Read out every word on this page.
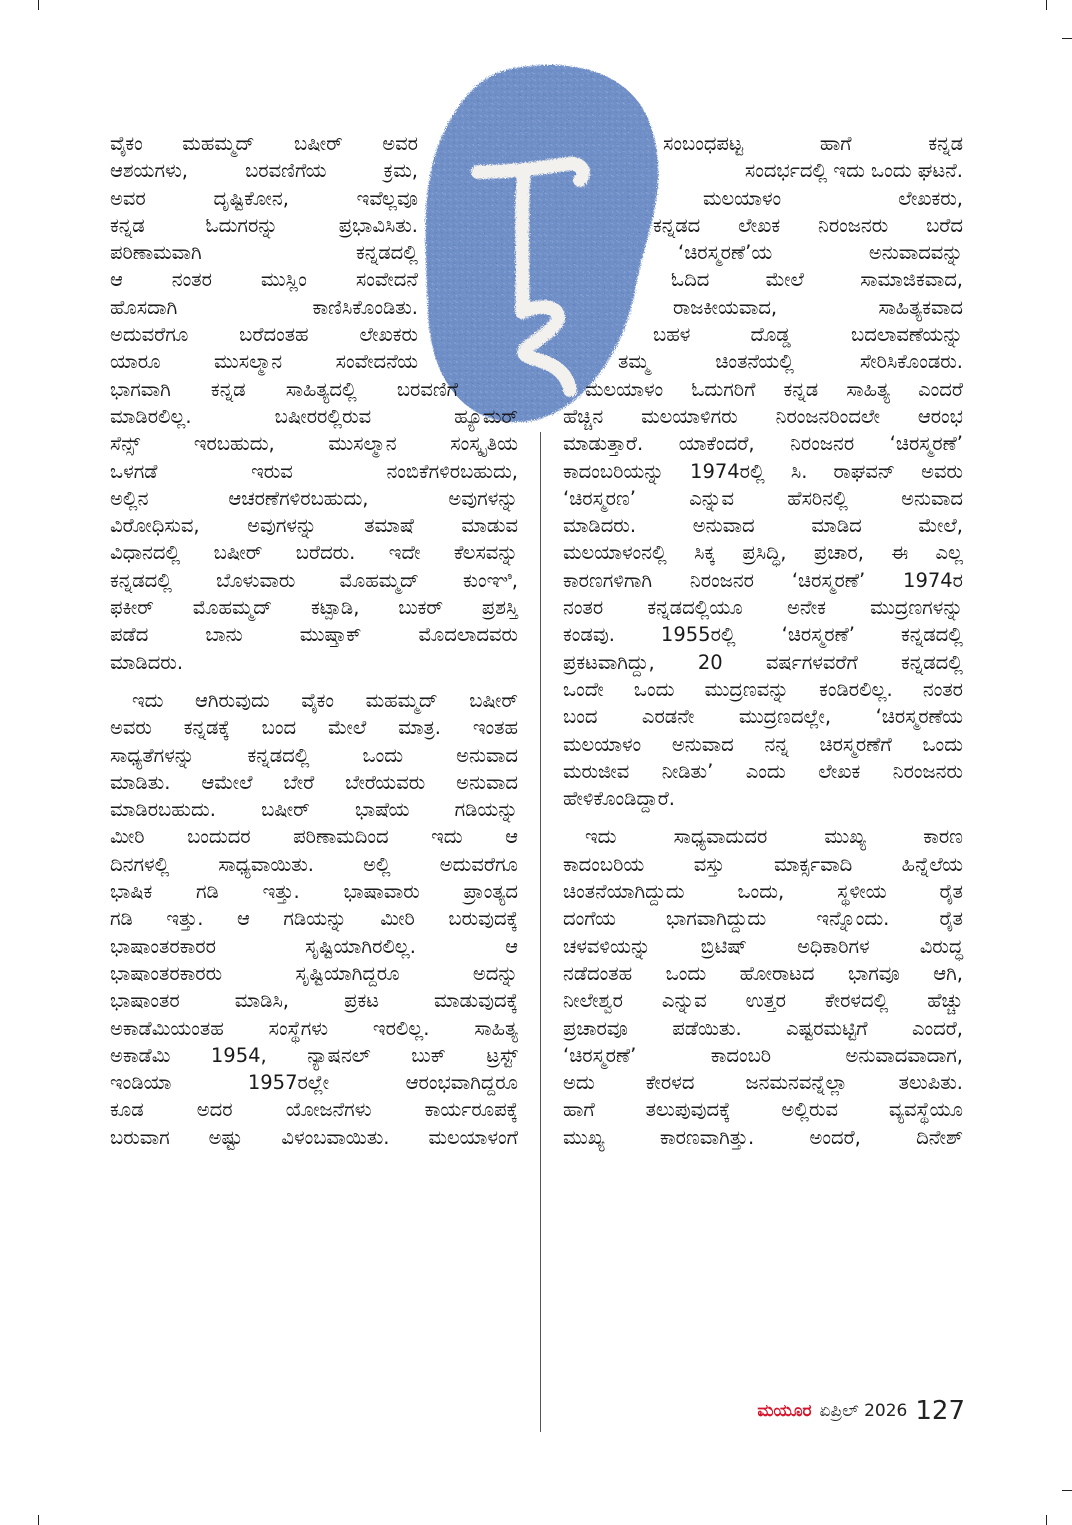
ವೈಕಂ ಮಹಮ್ಮದ್ ಬಷೀರ್ ಅವರ

ಆಶಯಗಳು, ಬರವಣಿಗೆಯ ಕ್ರಮ,

ಅವರ ದೃಷ್ಟಿಕೋನ, ಇವೆಲ್ಲವೂ

ಕನ್ನಡ ಓದುಗರನ್ನು ಪ್ರಭಾವಿಸಿತು.

ಪರಿಣಾಮವಾಗಿ ಕನ್ನಡದಲ್ಲಿ

ಆ ನಂತರ ಮುಸ್ಲಿಂ ಸಂವೇದನೆ

ಹೊಸದಾಗಿ ಕಾಣಿಸಿಕೊಂಡಿತು.

ಅದುವರೆಗೂ ಬರೆದಂತಹ ಲೇಖಕರು

ಯಾರೂ ಮುಸಲ್ಮಾನ ಸಂವೇದನೆಯ

ಭಾಗವಾಗಿ ಕನ್ನಡ ಸಾಹಿತ್ಯದಲ್ಲಿ ಬರವಣಿಗೆ

ಮಾಡಿರಲಿಲ್ಲ. ಬಷೀರರಲ್ಲಿರುವ ಹ್ಯೂಮರ್

ಸೆನ್ಸ್ ಇರಬಹುದು, ಮುಸಲ್ಮಾನ ಸಂಸ್ಕೃತಿಯ

ಒಳಗಡೆ ಇರುವ ನಂಬಿಕೆಗಳಿರಬಹುದು,

ಅಲ್ಲಿನ ಆಚರಣೆಗಳಿರಬಹುದು, ಅವುಗಳನ್ನು

ವಿರೋಧಿಸುವ, ಅವುಗಳನ್ನು ತಮಾಷೆ ಮಾಡುವ

ವಿಧಾನದಲ್ಲಿ ಬಷೀರ್ ಬರೆದರು. ಇದೇ ಕೆಲಸವನ್ನು

ಕನ್ನಡದಲ್ಲಿ ಬೊಳುವಾರು ಮೊಹಮ್ಮದ್ ಕುಂಞಿ,

ಫಕೀರ್ ಮೊಹಮ್ಮದ್ ಕಟ್ಪಾಡಿ, ಬುಕರ್ ಪ್ರಶಸ್ತಿ

ಪಡೆದ ಬಾನು ಮುಷ್ತಾಕ್ ಮೊದಲಾದವರು

ಮಾಡಿದರು.

ಇದು ಆಗಿರುವುದು ವೈಕಂ ಮಹಮ್ಮದ್ ಬಷೀರ್

ಅವರು ಕನ್ನಡಕ್ಕೆ ಬಂದ ಮೇಲೆ ಮಾತ್ರ. ಇಂತಹ

ಸಾಧ್ಯತೆಗಳನ್ನು ಕನ್ನಡದಲ್ಲಿ ಒಂದು ಅನುವಾದ

ಮಾಡಿತು. ಆಮೇಲೆ ಬೇರೆ ಬೇರೆಯವರು ಅನುವಾದ

ಮಾಡಿರಬಹುದು. ಬಷೀರ್ ಭಾಷೆಯ ಗಡಿಯನ್ನು

ಮೀರಿ ಬಂದುದರ ಪರಿಣಾಮದಿಂದ ಇದು ಆ

ದಿನಗಳಲ್ಲಿ ಸಾಧ್ಯವಾಯಿತು. ಅಲ್ಲಿ ಅದುವರೆಗೂ

ಭಾಷಿಕ ಗಡಿ ಇತ್ತು. ಭಾಷಾವಾರು ಪ್ರಾಂತ್ಯದ

ಗಡಿ ಇತ್ತು. ಆ ಗಡಿಯನ್ನು ಮೀರಿ ಬರುವುದಕ್ಕೆ

ಭಾಷಾಂತರಕಾರರ ಸೃಷ್ಟಿಯಾಗಿರಲಿಲ್ಲ. ಆ

ಭಾಷಾಂತರಕಾರರು ಸೃಷ್ಟಿಯಾಗಿದ್ದರೂ ಅದನ್ನು

ಭಾಷಾಂತರ ಮಾಡಿಸಿ, ಪ್ರಕಟ ಮಾಡುವುದಕ್ಕೆ

ಅಕಾಡೆಮಿಯಂತಹ ಸಂಸ್ಥೆಗಳು ಇರಲಿಲ್ಲ. ಸಾಹಿತ್ಯ

ಅಕಾಡೆಮಿ 1954, ನ್ಯಾಷನಲ್ ಬುಕ್ ಟ್ರಸ್ಟ್

ಇಂಡಿಯಾ 1957ರಲ್ಲೇ ಆರಂಭವಾಗಿದ್ದರೂ

ಕೂಡ ಅದರ ಯೋಜನೆಗಳು ಕಾರ್ಯರೂಪಕ್ಕೆ

ಬರುವಾಗ ಅಷ್ಟು ವಿಳಂಬವಾಯಿತು. ಮಲಯಾಳಂಗೆ

ಸಂಬಂಧಪಟ್ಟ ಹಾಗೆ ಕನ್ನಡ

ಸಂದರ್ಭದಲ್ಲಿ ಇದು ಒಂದು ಘಟನೆ.

ಮಲಯಾಳಂ ಲೇಖಕರು,

ಕನ್ನಡದ ಲೇಖಕ ನಿರಂಜನರು ಬರೆದ

‘ಚಿರಸ್ಮರಣೆ’ಯ ಅನುವಾದವನ್ನು

ಓದಿದ ಮೇಲೆ ಸಾಮಾಜಿಕವಾದ,

ರಾಜಕೀಯವಾದ, ಸಾಹಿತ್ಯಕವಾದ

ಬಹಳ ದೊಡ್ಡ ಬದಲಾವಣೆಯನ್ನು

ತಮ್ಮ ಚಿಂತನೆಯಲ್ಲಿ ಸೇರಿಸಿಕೊಂಡರು.

ಮಲಯಾಳಂ ಓದುಗರಿಗೆ ಕನ್ನಡ ಸಾಹಿತ್ಯ ಎಂದರೆ

ಹೆಚ್ಚಿನ ಮಲಯಾಳಿಗರು ನಿರಂಜನರಿಂದಲೇ ಆರಂಭ

ಮಾಡುತ್ತಾರೆ. ಯಾಕೆಂದರೆ, ನಿರಂಜನರ ‘ಚಿರಸ್ಮರಣೆ’

ಕಾದಂಬರಿಯನ್ನು 1974ರಲ್ಲಿ ಸಿ. ರಾಘವನ್ ಅವರು

‘ಚಿರಸ್ಮರಣ’ ಎನ್ನುವ ಹೆಸರಿನಲ್ಲಿ ಅನುವಾದ

ಮಾಡಿದರು. ಅನುವಾದ ಮಾಡಿದ ಮೇಲೆ,

ಮಲಯಾಳಂನಲ್ಲಿ ಸಿಕ್ಕ ಪ್ರಸಿದ್ಧಿ, ಪ್ರಚಾರ, ಈ ಎಲ್ಲ

ಕಾರಣಗಳಿಗಾಗಿ ನಿರಂಜನರ ‘ಚಿರಸ್ಮರಣೆ’ 1974ರ

ನಂತರ ಕನ್ನಡದಲ್ಲಿಯೂ ಅನೇಕ ಮುದ್ರಣಗಳನ್ನು

ಕಂಡವು. 1955ರಲ್ಲಿ ‘ಚಿರಸ್ಮರಣೆ’ ಕನ್ನಡದಲ್ಲಿ

ಪ್ರಕಟವಾಗಿದ್ದು, 20 ವರ್ಷಗಳವರೆಗೆ ಕನ್ನಡದಲ್ಲಿ

ಒಂದೇ ಒಂದು ಮುದ್ರಣವನ್ನು ಕಂಡಿರಲಿಲ್ಲ. ನಂತರ

ಬಂದ ಎರಡನೇ ಮುದ್ರಣದಲ್ಲೇ, ‘ಚಿರಸ್ಮರಣೆಯ

ಮಲಯಾಳಂ ಅನುವಾದ ನನ್ನ ಚಿರಸ್ಮರಣೆಗೆ ಒಂದು

ಮರುಜೀವ ನೀಡಿತು’ ಎಂದು ಲೇಖಕ ನಿರಂಜನರು

ಹೇಳಿಕೊಂಡಿದ್ದಾರೆ.

ಇದು ಸಾಧ್ಯವಾದುದರ ಮುಖ್ಯ ಕಾರಣ

ಕಾದಂಬರಿಯ ವಸ್ತು ಮಾರ್ಕ್ಸವಾದಿ ಹಿನ್ನೆಲೆಯ

ಚಿಂತನೆಯಾಗಿದ್ದುದು ಒಂದು, ಸ್ಥಳೀಯ ರೈತ

ದಂಗೆಯ ಭಾಗವಾಗಿದ್ದುದು ಇನ್ನೊಂದು. ರೈತ

ಚಳವಳಿಯನ್ನು ಬ್ರಿಟಿಷ್ ಅಧಿಕಾರಿಗಳ ವಿರುದ್ಧ

ನಡೆದಂತಹ ಒಂದು ಹೋರಾಟದ ಭಾಗವೂ ಆಗಿ,

ನೀಲೇಶ್ವರ ಎನ್ನುವ ಉತ್ತರ ಕೇರಳದಲ್ಲಿ ಹೆಚ್ಚು

ಪ್ರಚಾರವೂ ಪಡೆಯಿತು. ಎಷ್ಟರಮಟ್ಟಿಗೆ ಎಂದರೆ,

‘ಚಿರಸ್ಮರಣೆ’ ಕಾದಂಬರಿ ಅನುವಾದವಾದಾಗ,

ಅದು ಕೇರಳದ ಜನಮನವನ್ನೆಲ್ಲಾ ತಲುಪಿತು.

ಹಾಗೆ ತಲುಪುವುದಕ್ಕೆ ಅಲ್ಲಿರುವ ವ್ಯವಸ್ಥೆಯೂ

ಮುಖ್ಯ ಕಾರಣವಾಗಿತ್ತು. ಅಂದರೆ, ದಿನೇಶ್

ಮಯೂರ ಏಪ್ರಿಲ್ 2026 127
